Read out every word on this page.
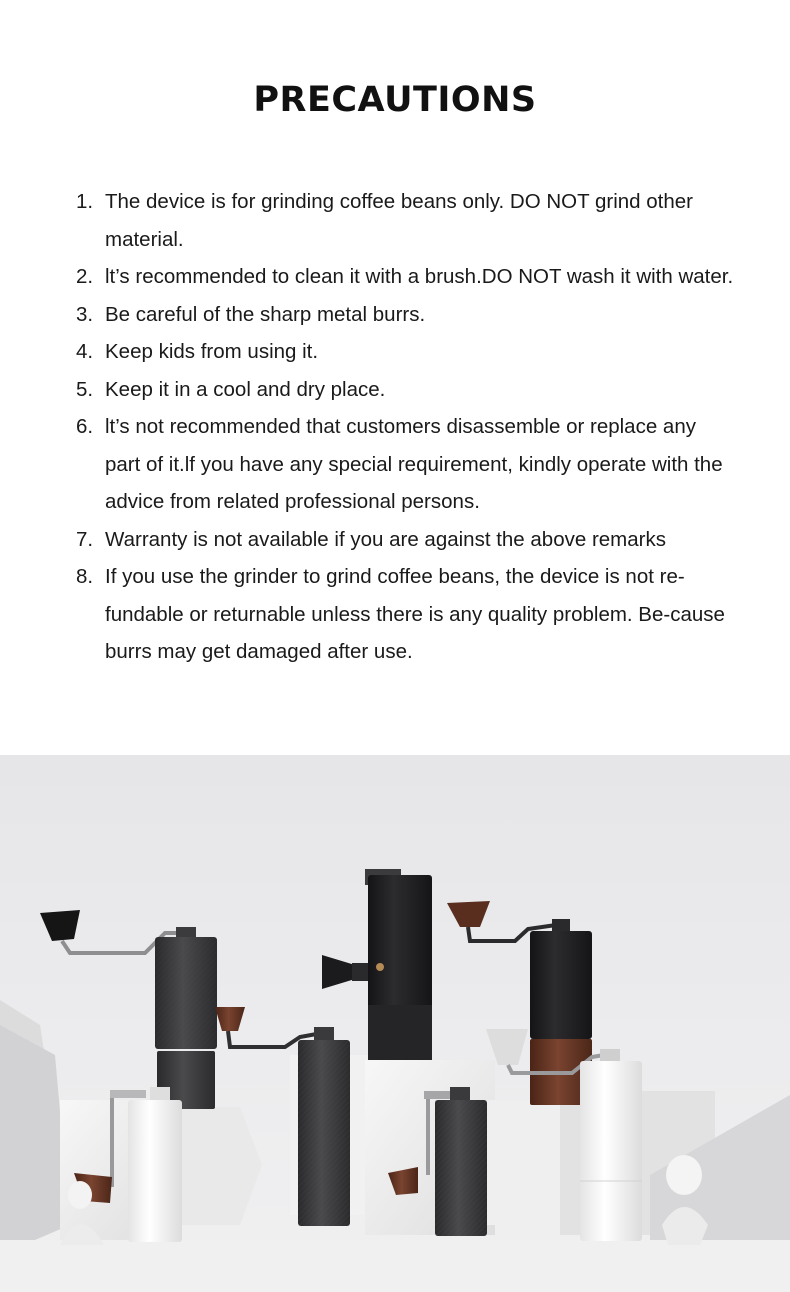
PRECAUTIONS
1. The device is for grinding coffee beans only. DO NOT grind other material.
2. lt’s recommended to clean it with a brush.DO NOT wash it with water.
3. Be careful of the sharp metal burrs.
4. Keep kids from using it.
5. Keep it in a cool and dry place.
6. lt’s not recommended that customers disassemble or replace any part of it.lf you have any special requirement, kindly operate with the advice from related professional persons.
7. Warranty is not available if you are against the above remarks
8. If you use the grinder to grind coffee beans, the device is not re-fundable or returnable unless there is any quality problem. Be-cause burrs may get damaged after use.
